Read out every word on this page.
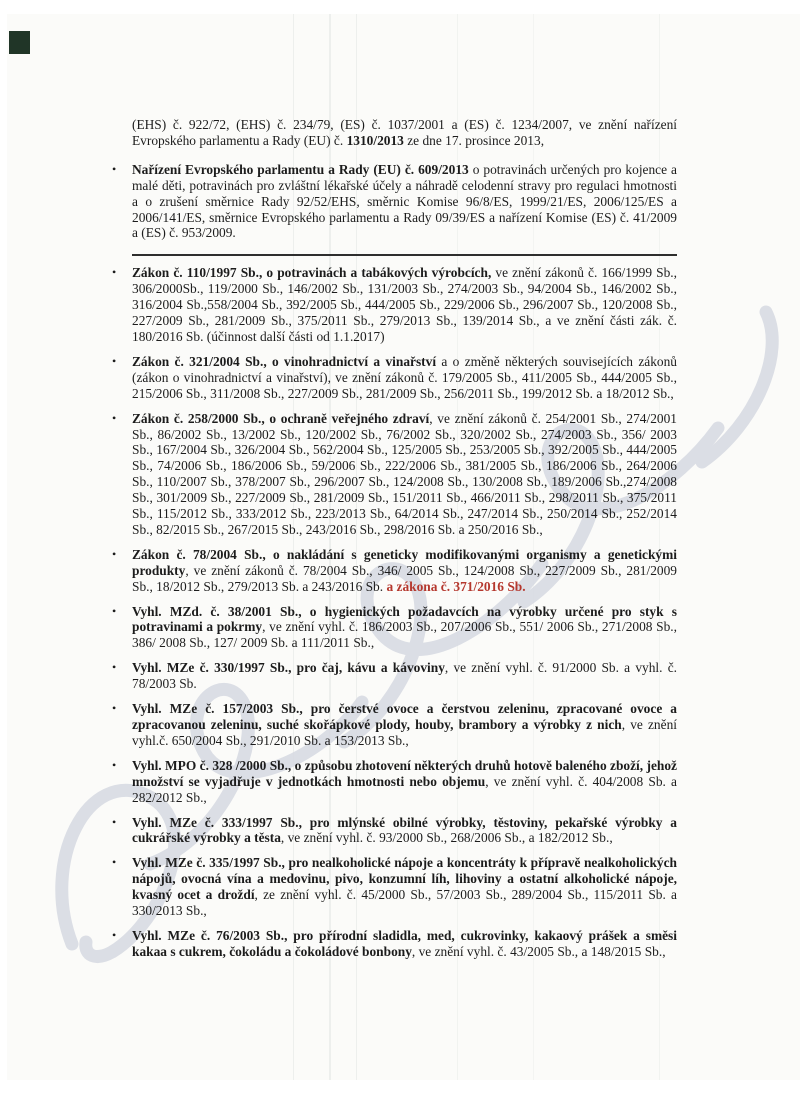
(EHS) č. 922/72, (EHS) č. 234/79, (ES) č. 1037/2001 a (ES) č. 1234/2007, ve znění nařízení Evropského parlamentu a Rady (EU) č. 1310/2013 ze dne 17. prosince 2013,

• Nařízení Evropského parlamentu a Rady (EU) č. 609/2013 o potravinách určených pro kojence a malé děti, potravinách pro zvláštní lékařské účely a náhradě celodenní stravy pro regulaci hmotnosti a o zrušení směrnice Rady 92/52/EHS, směrnic Komise 96/8/ES, 1999/21/ES, 2006/125/ES a 2006/141/ES, směrnice Evropského parlamentu a Rady 09/39/ES a nařízení Komise (ES) č. 41/2009 a (ES) č. 953/2009.

• Zákon č. 110/1997 Sb., o potravinách a tabákových výrobcích, ve znění zákonů č. 166/1999 Sb., 306/2000Sb., 119/2000 Sb., 146/2002 Sb., 131/2003 Sb., 274/2003 Sb., 94/2004 Sb., 146/2002 Sb., 316/2004 Sb.,558/2004 Sb., 392/2005 Sb., 444/2005 Sb., 229/2006 Sb., 296/2007 Sb., 120/2008 Sb., 227/2009 Sb., 281/2009 Sb., 375/2011 Sb., 279/2013 Sb., 139/2014 Sb., a ve znění části zák. č. 180/2016 Sb. (účinnost další části od 1.1.2017)

• Zákon č. 321/2004 Sb., o vinohradnictví a vinařství a o změně některých souvisejících zákonů (zákon o vinohradnictví a vinařství), ve znění zákonů č. 179/2005 Sb., 411/2005 Sb., 444/2005 Sb., 215/2006 Sb., 311/2008 Sb., 227/2009 Sb., 281/2009 Sb., 256/2011 Sb., 199/2012 Sb. a 18/2012 Sb.,

• Zákon č. 258/2000 Sb., o ochraně veřejného zdraví, ve znění zákonů č. 254/2001 Sb., 274/2001 Sb., 86/2002 Sb., 13/2002 Sb., 120/2002 Sb., 76/2002 Sb., 320/2002 Sb., 274/2003 Sb., 356/ 2003 Sb., 167/2004 Sb., 326/2004 Sb., 562/2004 Sb., 125/2005 Sb., 253/2005 Sb., 392/2005 Sb., 444/2005 Sb., 74/2006 Sb., 186/2006 Sb., 59/2006 Sb., 222/2006 Sb., 381/2005 Sb., 186/2006 Sb., 264/2006 Sb., 110/2007 Sb., 378/2007 Sb., 296/2007 Sb., 124/2008 Sb., 130/2008 Sb., 189/2006 Sb.,274/2008 Sb., 301/2009 Sb., 227/2009 Sb., 281/2009 Sb., 151/2011 Sb., 466/2011 Sb., 298/2011 Sb., 375/2011 Sb., 115/2012 Sb., 333/2012 Sb., 223/2013 Sb., 64/2014 Sb., 247/2014 Sb., 250/2014 Sb., 252/2014 Sb., 82/2015 Sb., 267/2015 Sb., 243/2016 Sb., 298/2016 Sb. a 250/2016 Sb.,

• Zákon č. 78/2004 Sb., o nakládání s geneticky modifikovanými organismy a genetickými produkty, ve znění zákonů č. 78/2004 Sb., 346/ 2005 Sb., 124/2008 Sb., 227/2009 Sb., 281/2009 Sb., 18/2012 Sb., 279/2013 Sb. a 243/2016 Sb. a zákona č. 371/2016 Sb.

• Vyhl. MZd. č. 38/2001 Sb., o hygienických požadavcích na výrobky určené pro styk s potravinami a pokrmy, ve znění vyhl. č. 186/2003 Sb., 207/2006 Sb., 551/ 2006 Sb., 271/2008 Sb., 386/ 2008 Sb., 127/ 2009 Sb. a 111/2011 Sb.,

• Vyhl. MZe č. 330/1997 Sb., pro čaj, kávu a kávoviny, ve znění vyhl. č. 91/2000 Sb. a vyhl. č. 78/2003 Sb.

• Vyhl. MZe č. 157/2003 Sb., pro čerstvé ovoce a čerstvou zeleninu, zpracované ovoce a zpracovanou zeleninu, suché skořápkové plody, houby, brambory a výrobky z nich, ve znění vyhl.č. 650/2004 Sb., 291/2010 Sb. a 153/2013 Sb.,

• Vyhl. MPO č. 328 /2000 Sb., o způsobu zhotovení některých druhů hotově baleného zboží, jehož množství se vyjadřuje v jednotkách hmotnosti nebo objemu, ve znění vyhl. č. 404/2008 Sb. a 282/2012 Sb.,

• Vyhl. MZe č. 333/1997 Sb., pro mlýnské obilné výrobky, těstoviny, pekařské výrobky a cukrářské výrobky a těsta, ve znění vyhl. č. 93/2000 Sb., 268/2006 Sb., a 182/2012 Sb.,

• Vyhl. MZe č. 335/1997 Sb., pro nealkoholické nápoje a koncentráty k přípravě nealkoholických nápojů, ovocná vína a medovinu, pivo, konzumní líh, lihoviny a ostatní alkoholické nápoje, kvasný ocet a droždí, ze znění vyhl. č. 45/2000 Sb., 57/2003 Sb., 289/2004 Sb., 115/2011 Sb. a 330/2013 Sb.,

• Vyhl. MZe č. 76/2003 Sb., pro přírodní sladidla, med, cukrovinky, kakaový prášek a směsi kakaa s cukrem, čokoládu a čokoládové bonbony, ve znění vyhl. č. 43/2005 Sb., a 148/2015 Sb.,
